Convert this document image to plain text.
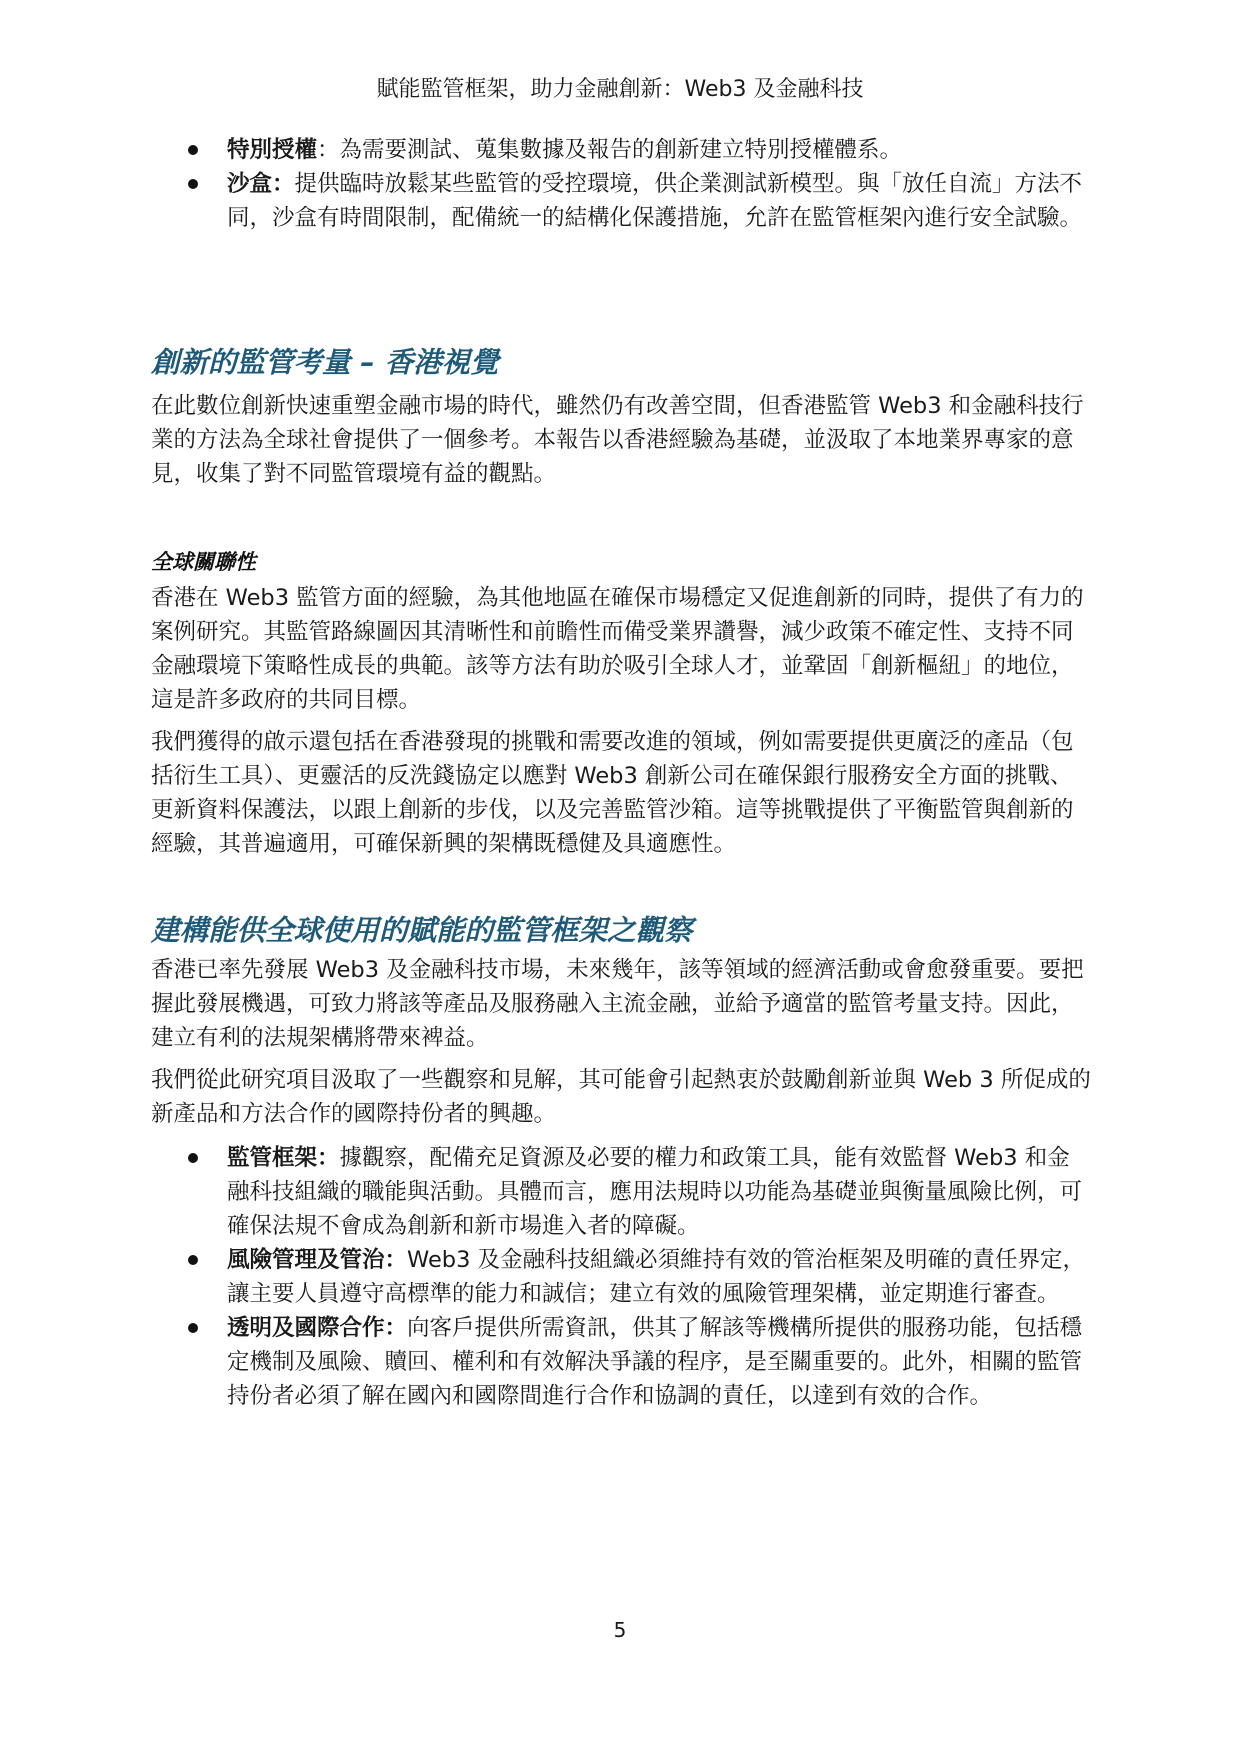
賦能監管框架，助力金融創新：Web3 及金融科技
特別授權：為需要測試、蒐集數據及報告的創新建立特別授權體系。
沙盒：提供臨時放鬆某些監管的受控環境，供企業測試新模型。與「放任自流」方法不同，沙盒有時間限制，配備統一的結構化保護措施，允許在監管框架內進行安全試驗。
創新的監管考量 – 香港視覺

在此數位創新快速重塑金融市場的時代，雖然仍有改善空間，但香港監管 Web3 和金融科技行業的方法為全球社會提供了一個參考。本報告以香港經驗為基礎，並汲取了本地業界專家的意見，收集了對不同監管環境有益的觀點。

全球關聯性

香港在 Web3 監管方面的經驗，為其他地區在確保市場穩定又促進創新的同時，提供了有力的案例研究。其監管路線圖因其清晰性和前瞻性而備受業界讚譽，減少政策不確定性、支持不同金融環境下策略性成長的典範。該等方法有助於吸引全球人才，並鞏固「創新樞紐」的地位，這是許多政府的共同目標。

我們獲得的啟示還包括在香港發現的挑戰和需要改進的領域，例如需要提供更廣泛的產品（包括衍生工具）、更靈活的反洗錢協定以應對 Web3 創新公司在確保銀行服務安全方面的挑戰、更新資料保護法，以跟上創新的步伐，以及完善監管沙箱。這等挑戰提供了平衡監管與創新的經驗，其普遍適用，可確保新興的架構既穩健及具適應性。

建構能供全球使用的賦能的監管框架之觀察

香港已率先發展 Web3 及金融科技市場，未來幾年，該等領域的經濟活動或會愈發重要。要把握此發展機遇，可致力將該等產品及服務融入主流金融，並給予適當的監管考量支持。因此，建立有利的法規架構將帶來裨益。

我們從此研究項目汲取了一些觀察和見解，其可能會引起熱衷於鼓勵創新並與 Web 3 所促成的新產品和方法合作的國際持份者的興趣。

監管框架：據觀察，配備充足資源及必要的權力和政策工具，能有效監督 Web3 和金融科技組織的職能與活動。具體而言，應用法規時以功能為基礎並與衡量風險比例，可確保法規不會成為創新和新市場進入者的障礙。
風險管理及管治：Web3 及金融科技組織必須維持有效的管治框架及明確的責任界定，讓主要人員遵守高標準的能力和誠信；建立有效的風險管理架構，並定期進行審查。
透明及國際合作：向客戶提供所需資訊，供其了解該等機構所提供的服務功能，包括穩定機制及風險、贖回、權利和有效解決爭議的程序，是至關重要的。此外，相關的監管持份者必須了解在國內和國際間進行合作和協調的責任，以達到有效的合作。
5
